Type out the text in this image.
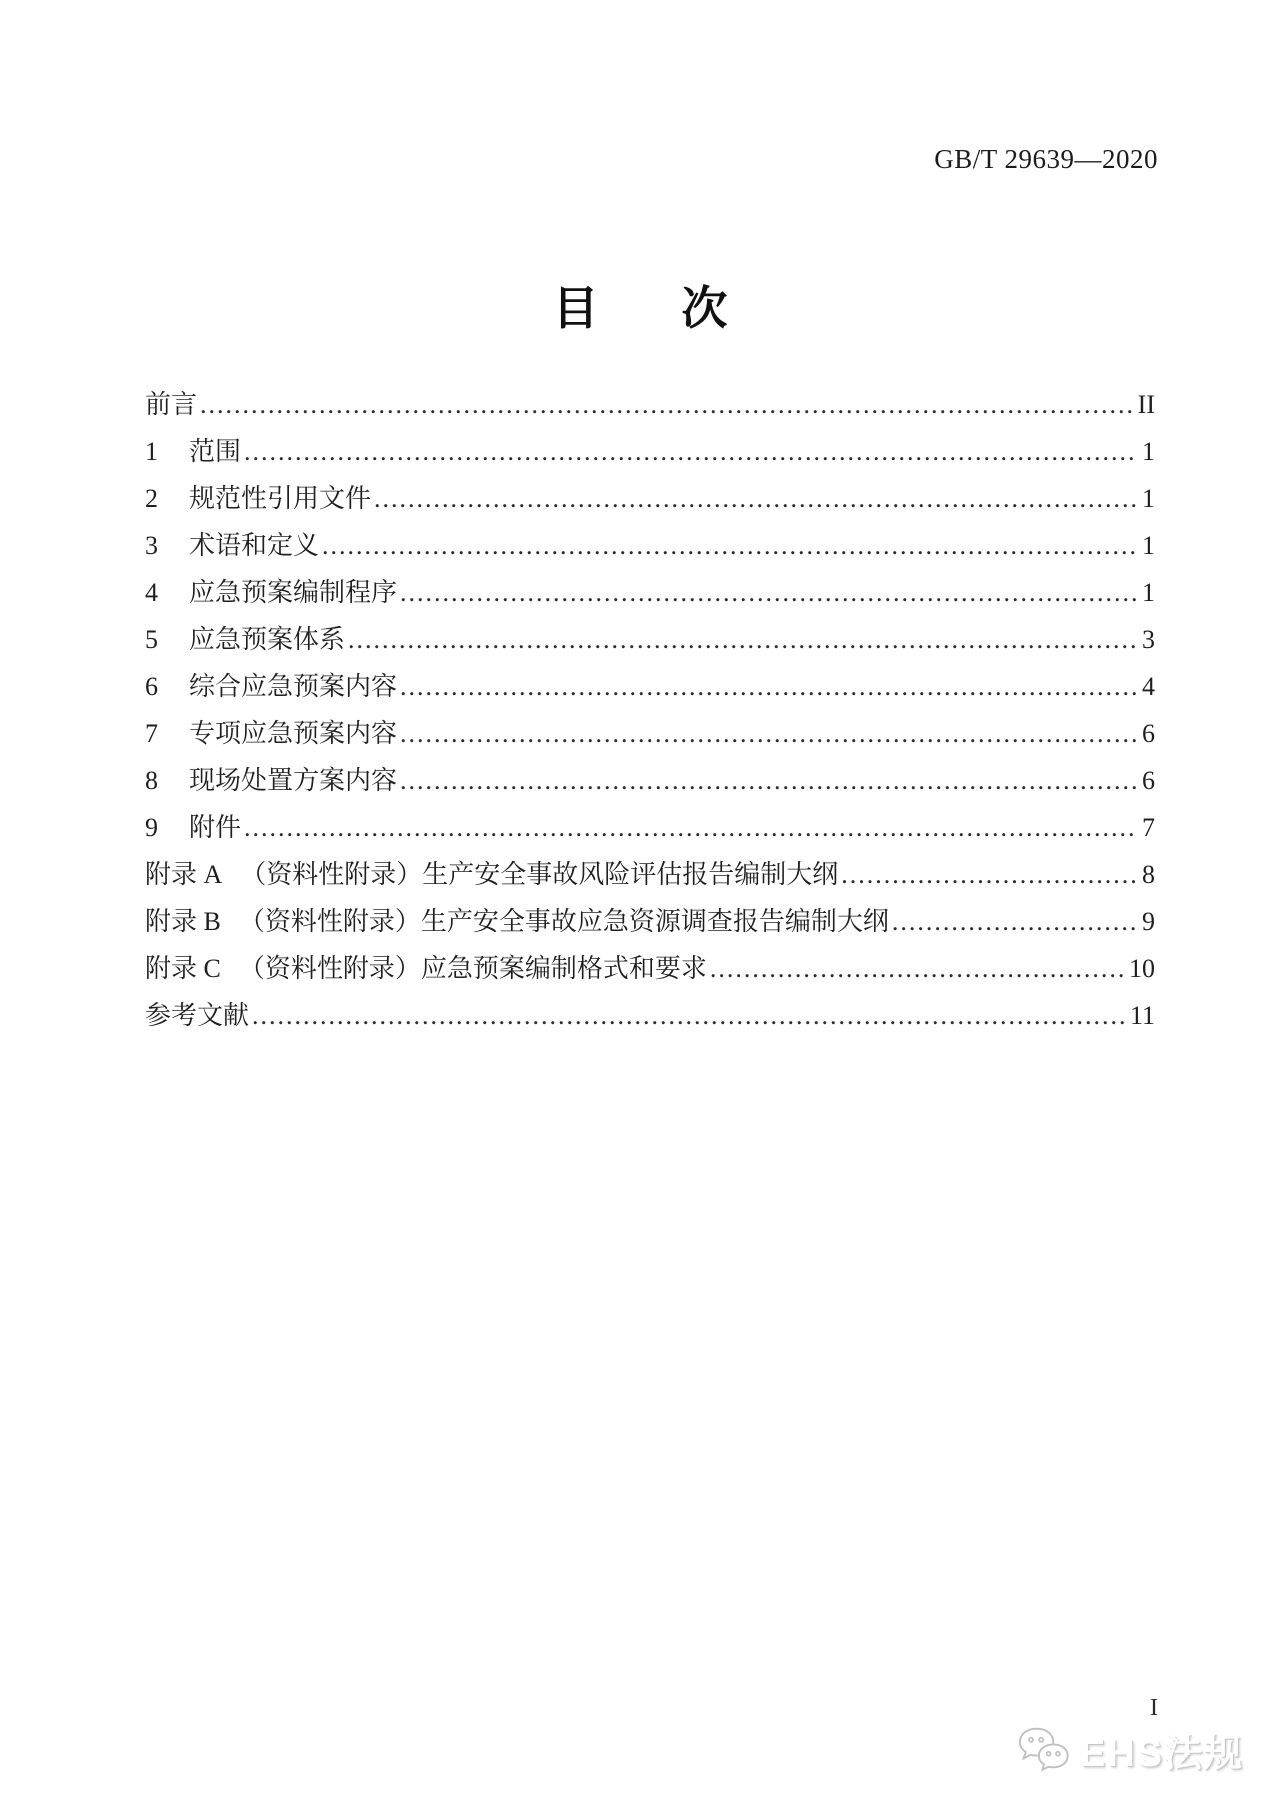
GB/T 29639—2020
目次
前言 .....	II
1 范围 .....	1
2 规范性引用文件 .....	1
3 术语和定义 .....	1
4 应急预案编制程序 .....	1
5 应急预案体系 .....	3
6 综合应急预案内容 .....	4
7 专项应急预案内容 .....	6
8 现场处置方案内容 .....	6
9 附件 .....	7
附录 A （资料性附录）生产安全事故风险评估报告编制大纲 .....	8
附录 B （资料性附录）生产安全事故应急资源调查报告编制大纲 .....	9
附录 C （资料性附录）应急预案编制格式和要求 .....	10
参考文献 .....	11
I
EHS法规
